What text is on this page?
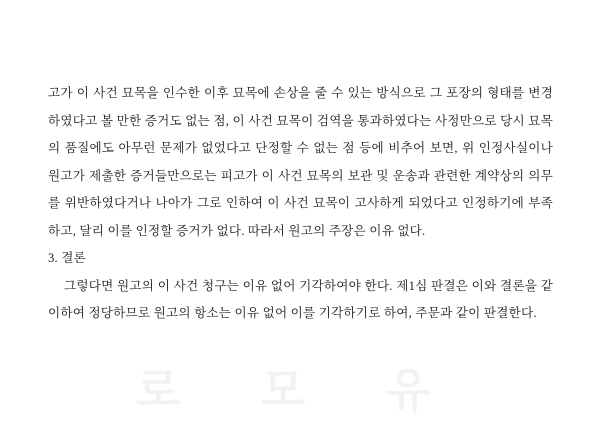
로 모 유

고가 이 사건 묘목을 인수한 이후 묘목에 손상을 줄 수 있는 방식으로 그 포장의 형태를 변경하였다고 볼 만한 증거도 없는 점, 이 사건 묘목이 검역을 통과하였다는 사정만으로 당시 묘목의 품질에도 아무런 문제가 없었다고 단정할 수 없는 점 등에 비추어 보면, 위 인정사실이나 원고가 제출한 증거들만으로는 피고가 이 사건 묘목의 보관 및 운송과 관련한 계약상의 의무를 위반하였다거나 나아가 그로 인하여 이 사건 묘목이 고사하게 되었다고 인정하기에 부족하고, 달리 이를 인정할 증거가 없다. 따라서 원고의 주장은 이유 없다.

3. 결론

그렇다면 원고의 이 사건 청구는 이유 없어 기각하여야 한다. 제1심 판결은 이와 결론을 같이하여 정당하므로 원고의 항소는 이유 없어 이를 기각하기로 하여, 주문과 같이 판결한다.
